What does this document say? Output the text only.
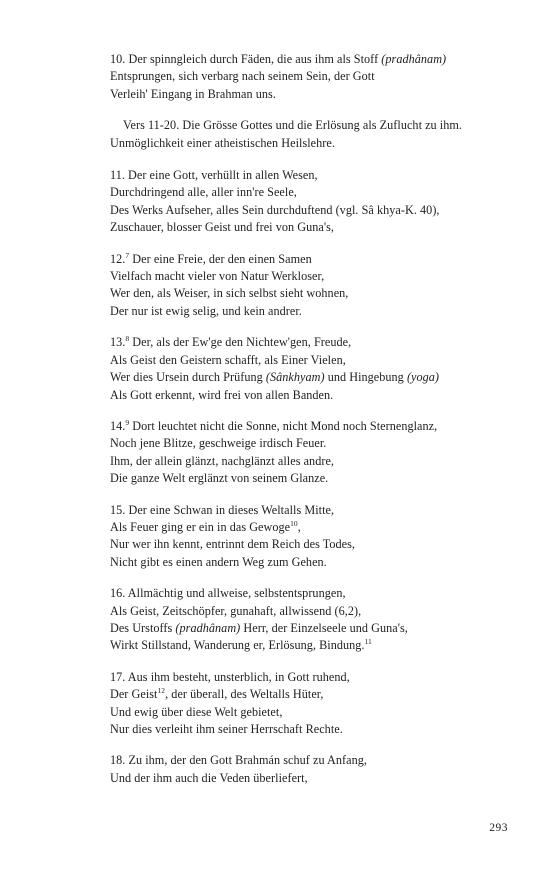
10. Der spinngleich durch Fäden, die aus ihm als Stoff (pradhânam)
Entsprungen, sich verbarg nach seinem Sein, der Gott
Verleih' Eingang in Brahman uns.
Vers 11-20. Die Grösse Gottes und die Erlösung als Zuflucht zu ihm.
Unmöglichkeit einer atheistischen Heilslehre.
11. Der eine Gott, verhüllt in allen Wesen,
Durchdringend alle, aller inn're Seele,
Des Werks Aufseher, alles Sein durchduftend (vgl. Sâ khya-K. 40),
Zuschauer, blosser Geist und frei von Guna's,
12.$^7$ Der eine Freie, der den einen Samen
Vielfach macht vieler von Natur Werkloser,
Wer den, als Weiser, in sich selbst sieht wohnen,
Der nur ist ewig selig, und kein andrer.
13.$^8$ Der, als der Ew'ge den Nichtew'gen, Freude,
Als Geist den Geistern schafft, als Einer Vielen,
Wer dies Ursein durch Prüfung (Sânkhyam) und Hingebung (yoga)
Als Gott erkennt, wird frei von allen Banden.
14.$^9$ Dort leuchtet nicht die Sonne, nicht Mond noch Sternenglanz,
Noch jene Blitze, geschweige irdisch Feuer.
Ihm, der allein glänzt, nachglänzt alles andre,
Die ganze Welt erglänzt von seinem Glanze.
15. Der eine Schwan in dieses Weltalls Mitte,
Als Feuer ging er ein in das Gewoge$^{10}$,
Nur wer ihn kennt, entrinnt dem Reich des Todes,
Nicht gibt es einen andern Weg zum Gehen.
16. Allmächtig und allweise, selbstentsprungen,
Als Geist, Zeitschöpfer, gunahaft, allwissend (6,2),
Des Urstoffs (pradhânam) Herr, der Einzelseele und Guna's,
Wirkt Stillstand, Wanderung er, Erlösung, Bindung.$^{11}$
17. Aus ihm besteht, unsterblich, in Gott ruhend,
Der Geist$^{12}$, der überall, des Weltalls Hüter,
Und ewig über diese Welt gebietet,
Nur dies verleiht ihm seiner Herrschaft Rechte.
18. Zu ihm, der den Gott Brahmán schuf zu Anfang,
Und der ihm auch die Veden überliefert,
293
